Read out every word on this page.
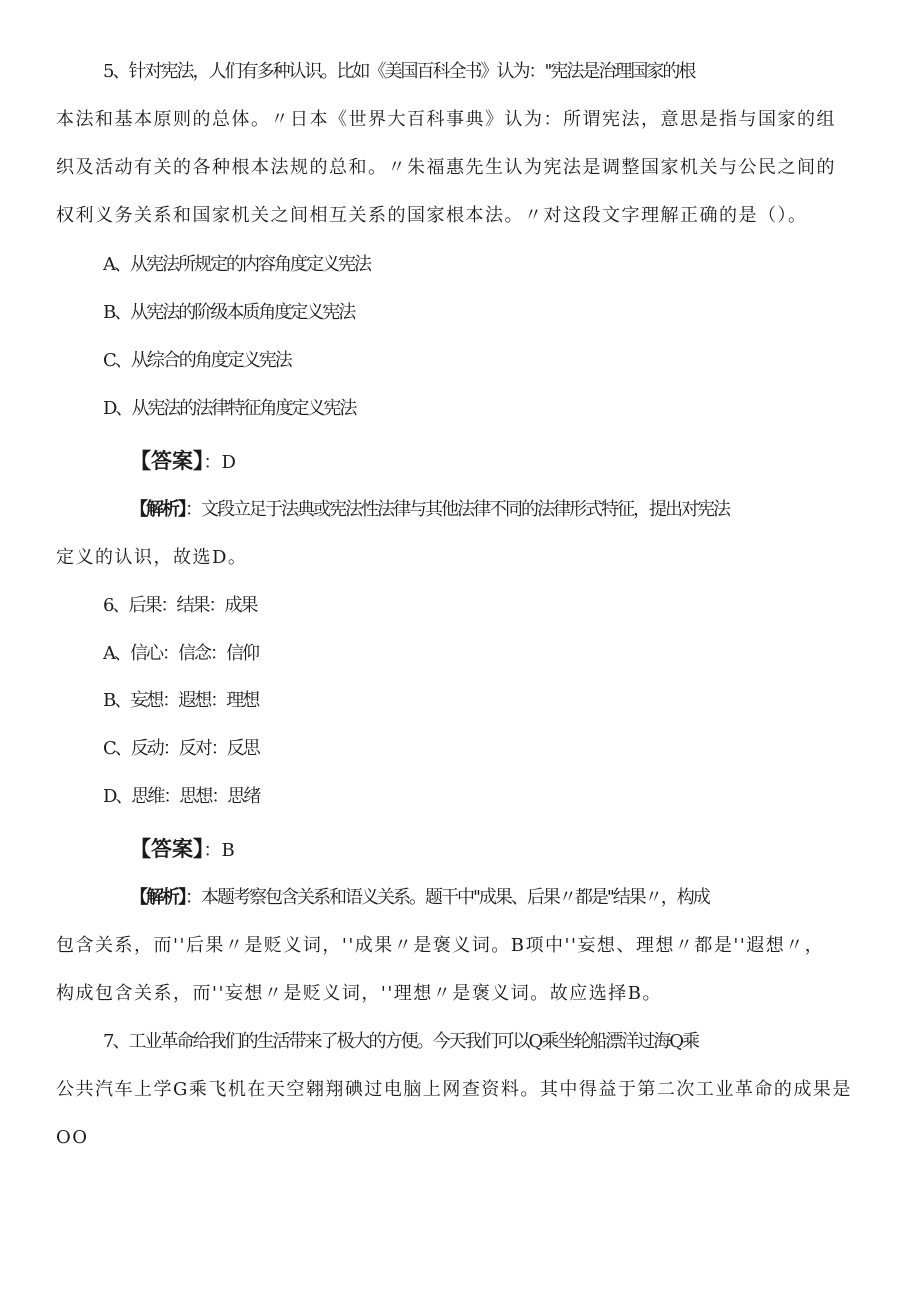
5、针对宪法，人们有多种认识。比如《美国百科全书》认为：''宪法是治理国家的根
本法和基本原则的总体。〃日本《世界大百科事典》认为：所谓宪法，意思是指与国家的组
织及活动有关的各种根本法规的总和。〃朱福惠先生认为宪法是调整国家机关与公民之间的
权利义务关系和国家机关之间相互关系的国家根本法。〃对这段文字理解正确的是（）。
A、从宪法所规定的内容角度定义宪法
B、从宪法的阶级本质角度定义宪法
C、从综合的角度定义宪法
D、从宪法的法律特征角度定义宪法
【答案】：D
【解析】：文段立足于法典或宪法性法律与其他法律不同的法律形式特征，提出对宪法
定义的认识，故选D。
6、后果：结果：成果
A、信心：信念：信仰
B、妄想：遐想：理想
C、反动：反对：反思
D、思维：思想：思绪
【答案】：B
【解析】：本题考察包含关系和语义关系。题干中''成果、后果〃都是''结果〃，构成
包含关系，而''后果〃是贬义词，''成果〃是褒义词。B项中''妄想、理想〃都是''遐想〃，
构成包含关系，而''妄想〃是贬义词，''理想〃是褒义词。故应选择B。
7、工业革命给我们的生活带来了极大的方便。今天我们可以Q乘坐轮船漂洋过海Q乘
公共汽车上学G乘飞机在天空翱翔碘过电脑上网查资料。其中得益于第二次工业革命的成果是
OO
